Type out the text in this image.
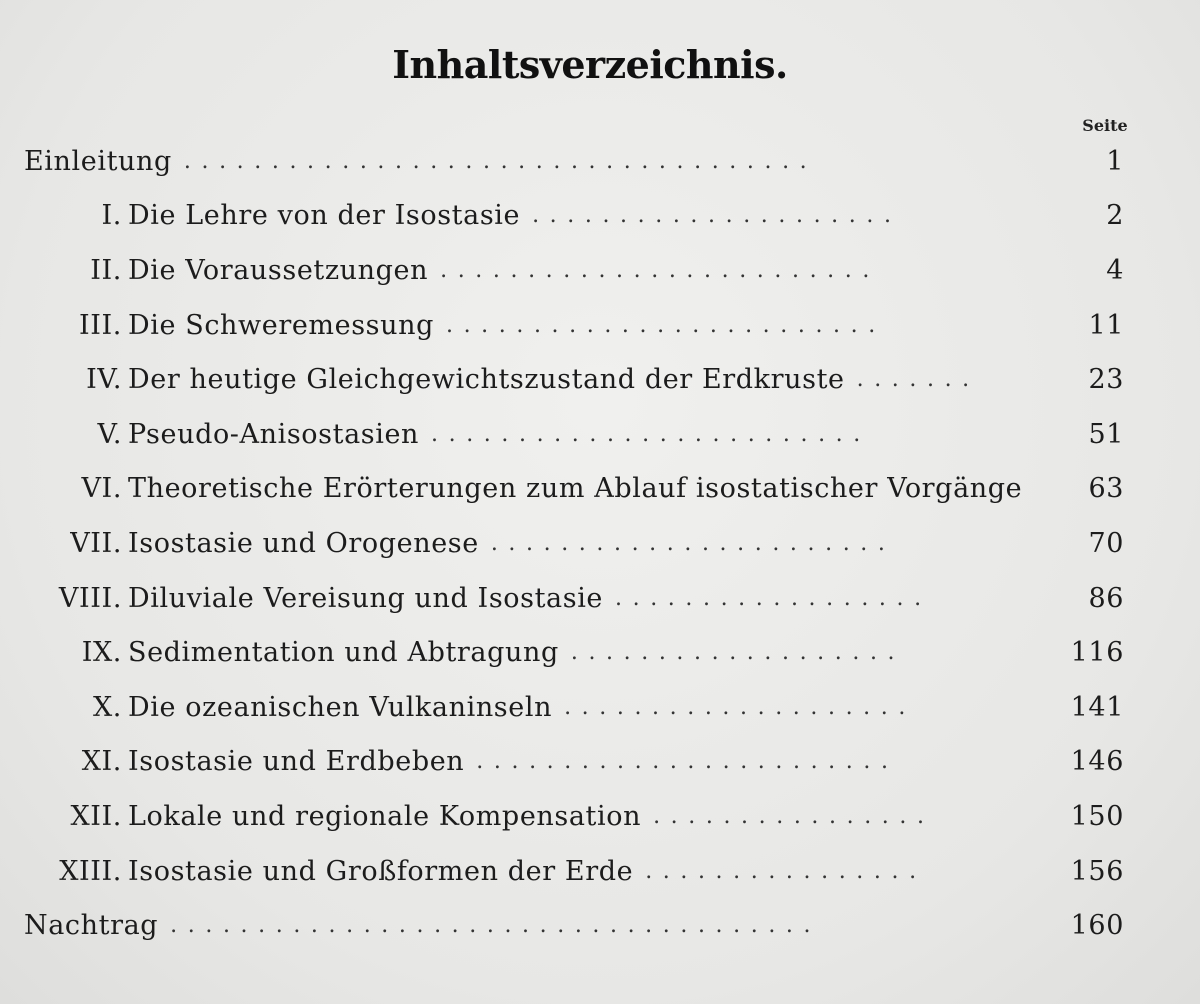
Inhaltsverzeichnis.
Seite
Einleitung ....................................	1
I. Die Lehre von der Isostasie .....................	2
II. Die Voraussetzungen .........................	4
III. Die Schweremessung .........................	11
IV. Der heutige Gleichgewichtszustand der Erdkruste .......	23
V. Pseudo-Anisostasien .........................	51
VI. Theoretische Erörterungen zum Ablauf isostatischer Vorgänge	63
VII. Isostasie und Orogenese .......................	70
VIII. Diluviale Vereisung und Isostasie ..................	86
IX. Sedimentation und Abtragung ...................	116
X. Die ozeanischen Vulkaninseln ....................	141
XI. Isostasie und Erdbeben ........................	146
XII. Lokale und regionale Kompensation ................	150
XIII. Isostasie und Großformen der Erde ................	156
Nachtrag .....................................	160
